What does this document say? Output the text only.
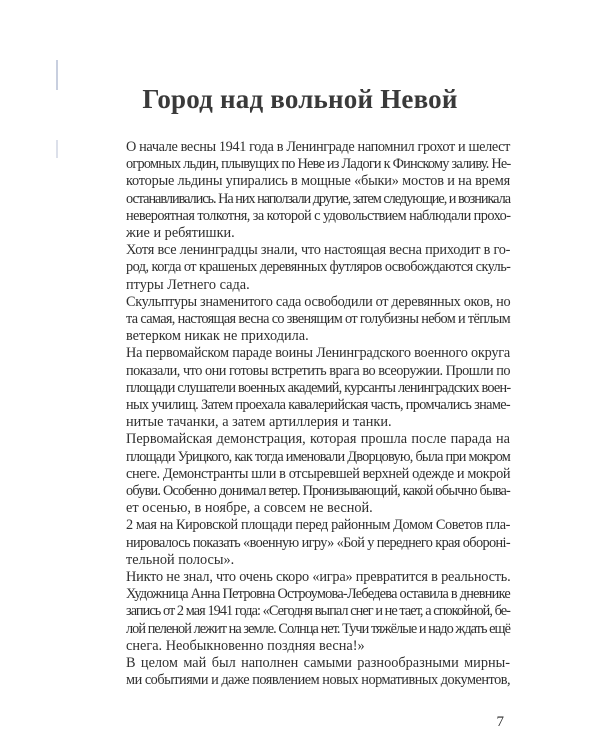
Город над вольной Невой

О начале весны 1941 года в Ленинграде напомнил грохот и шелест
огромных льдин, плывущих по Неве из Ладоги к Финскому заливу. Не-
которые льдины упирались в мощные «быки» мостов и на время
останавливались. На них наползали другие, затем следующие, и возникала
невероятная толкотня, за которой с удовольствием наблюдали прохо-
жие и ребятишки.

Хотя все ленинградцы знали, что настоящая весна приходит в го-
род, когда от крашеных деревянных футляров освобождаются скуль-
птуры Летнего сада.

Скульптуры знаменитого сада освободили от деревянных оков, но
та самая, настоящая весна со звенящим от голубизны небом и тёплым
ветерком никак не приходила.

На первомайском параде воины Ленинградского военного округа
показали, что они готовы встретить врага во всеоружии. Прошли по
площади слушатели военных академий, курсанты ленинградских воен-
ных училищ. Затем проехала кавалерийская часть, промчались знаме-
нитые тачанки, а затем артиллерия и танки.

Первомайская демонстрация, которая прошла после парада на
площади Урицкого, как тогда именовали Дворцовую, была при мокром
снеге. Демонстранты шли в отсыревшей верхней одежде и мокрой
обуви. Особенно донимал ветер. Пронизывающий, какой обычно быва-
ет осенью, в ноябре, а совсем не весной.

2 мая на Кировской площади перед районным Домом Советов пла-
нировалось показать «военную игру» «Бой у переднего края обороні-
тельной полосы».

Никто не знал, что очень скоро «игра» превратится в реальность.

Художница Анна Петровна Остроумова-Лебедева оставила в дневнике
запись от 2 мая 1941 года: «Сегодня выпал снег и не тает, а спокойной, бе-
лой пеленой лежит на земле. Солнца нет. Тучи тяжёлые и надо ждать ещё
снега. Необыкновенно поздняя весна!»

В целом май был наполнен самыми разнообразными мирны-
ми событиями и даже появлением новых нормативных документов,

7
